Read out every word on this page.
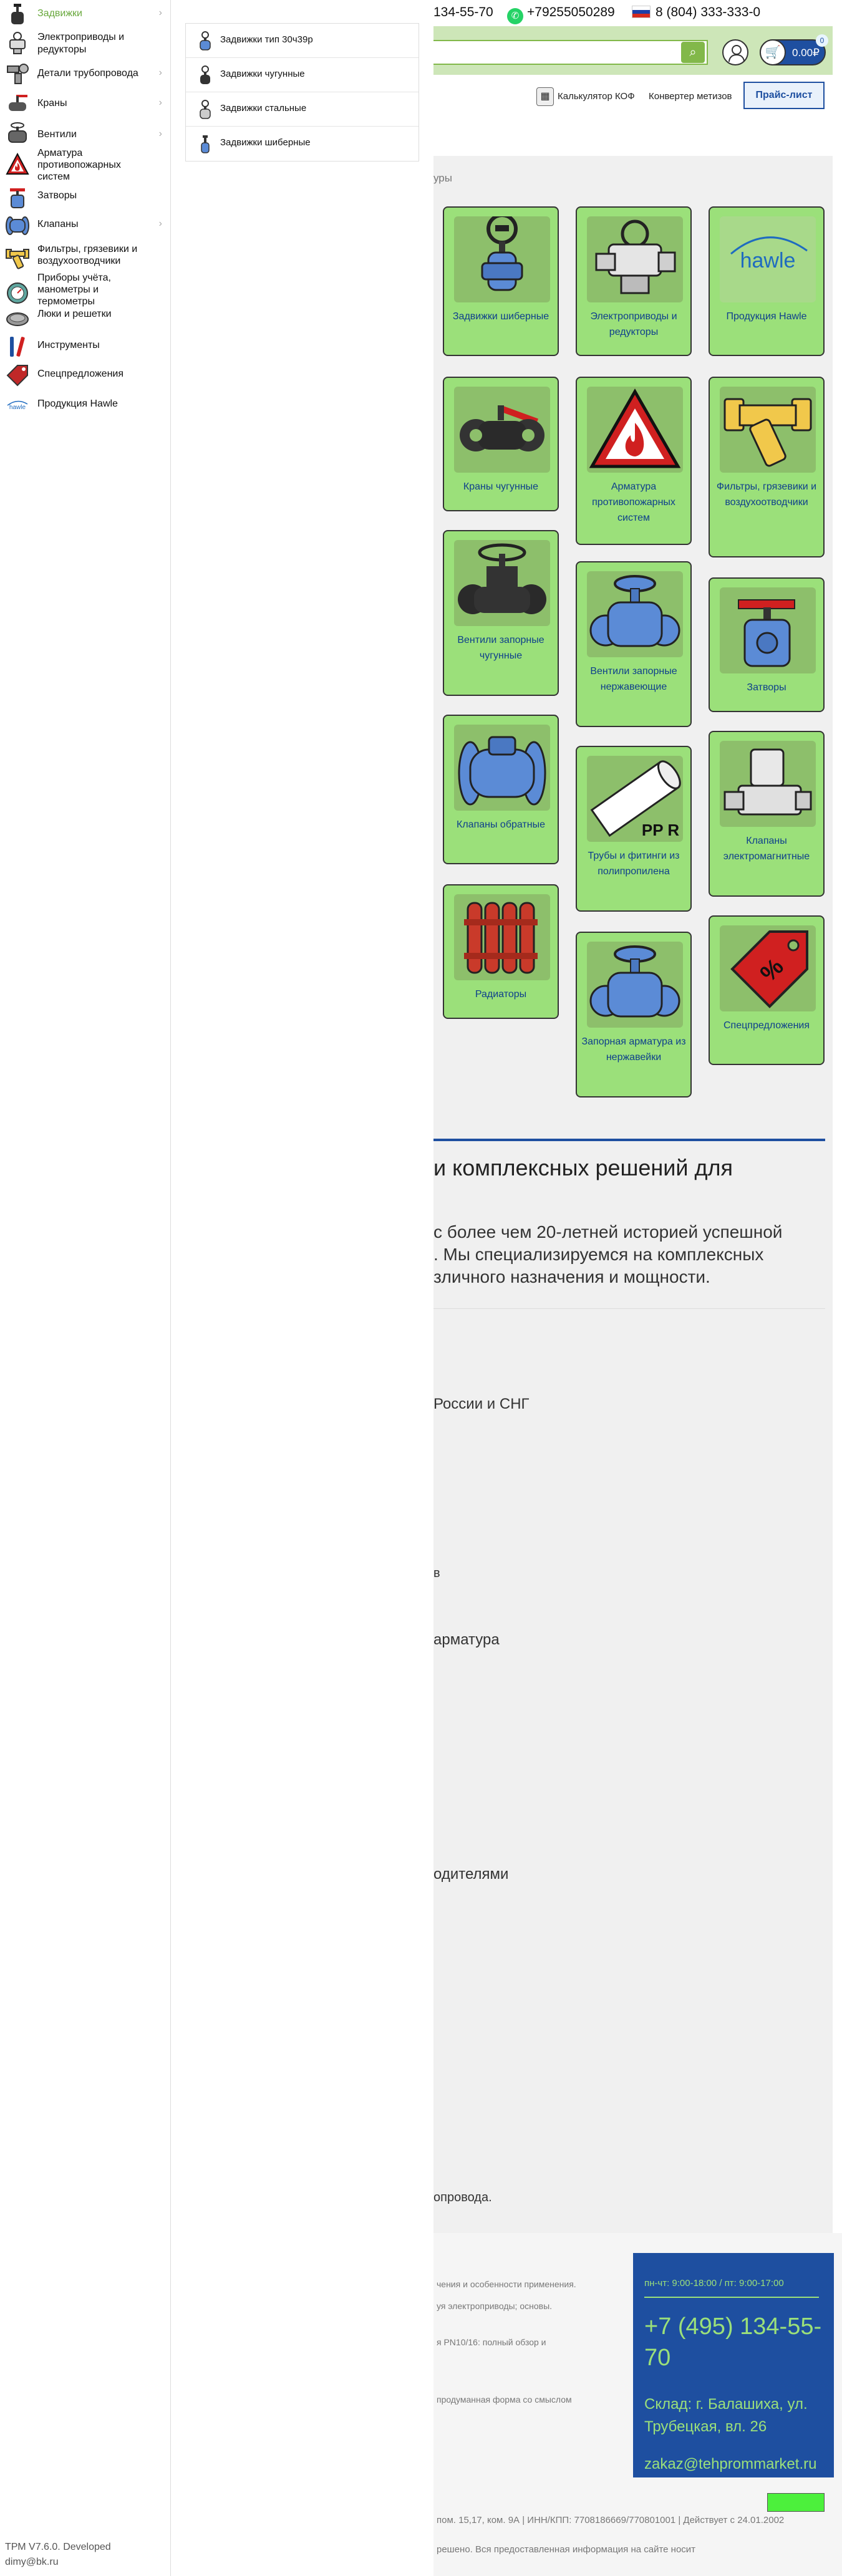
134-55-70	✆ +79255050289	8 (804) 333-333-0
⌕	🛒	0.00₽
0
▦ Калькулятор КОФ Конвертер метизов	Прайс-лист
уры
Задвижки шиберные	Электроприводы и редукторы
hawle
Продукция Hawle
Краны чугунные	Арматура противопожарных систем
Фильтры, грязевики и воздухоотводчики
Вентили запорные чугунные
Вентили запорные нержавеющие	Затворы
Клапаны обратные	PP R
Трубы и фитинги из полипропилена
Клапаны электромагнитные
Радиаторы
Запорная арматура из нержавейки
%
Спецпредложения
и комплексных решений для
с более чем 20-летней историей успешной
. Мы специализируемся на комплексных
зличного назначения и мощности.
России и СНГ
в
арматура
одителями
опровода.
чения и особенности применения.
уя электроприводы; основы.
я PN10/16: полный обзор и
продуманная форма со смыслом
пн-чт: 9:00-18:00 / пт: 9:00-17:00
+7 (495) 134-55-70
Склад: г. Балашиха, ул. Трубецкая, вл. 26
zakaz@tehprommarket.ru
пом. 15,17, ком. 9А | ИНН/КПП: 7708186669/770801001 | Действует с 24.01.2002
решено. Вся предоставленная информация на сайте носит
Задвижки	›
Электроприводы и редукторы
Детали трубопровода	›
Краны	›
Вентили	›
Арматура противопожарных систем
Затворы
Клапаны	›
Фильтры, грязевики и воздухоотводчики
Приборы учёта, манометры и термометры
Люки и решетки
Инструменты
Спецпредложения
hawle Продукция Hawle
ТРМ V7.6.0. Developed
dimy@bk.ru
Задвижки тип 30ч39р
Задвижки чугунные
Задвижки стальные
Задвижки шиберные
